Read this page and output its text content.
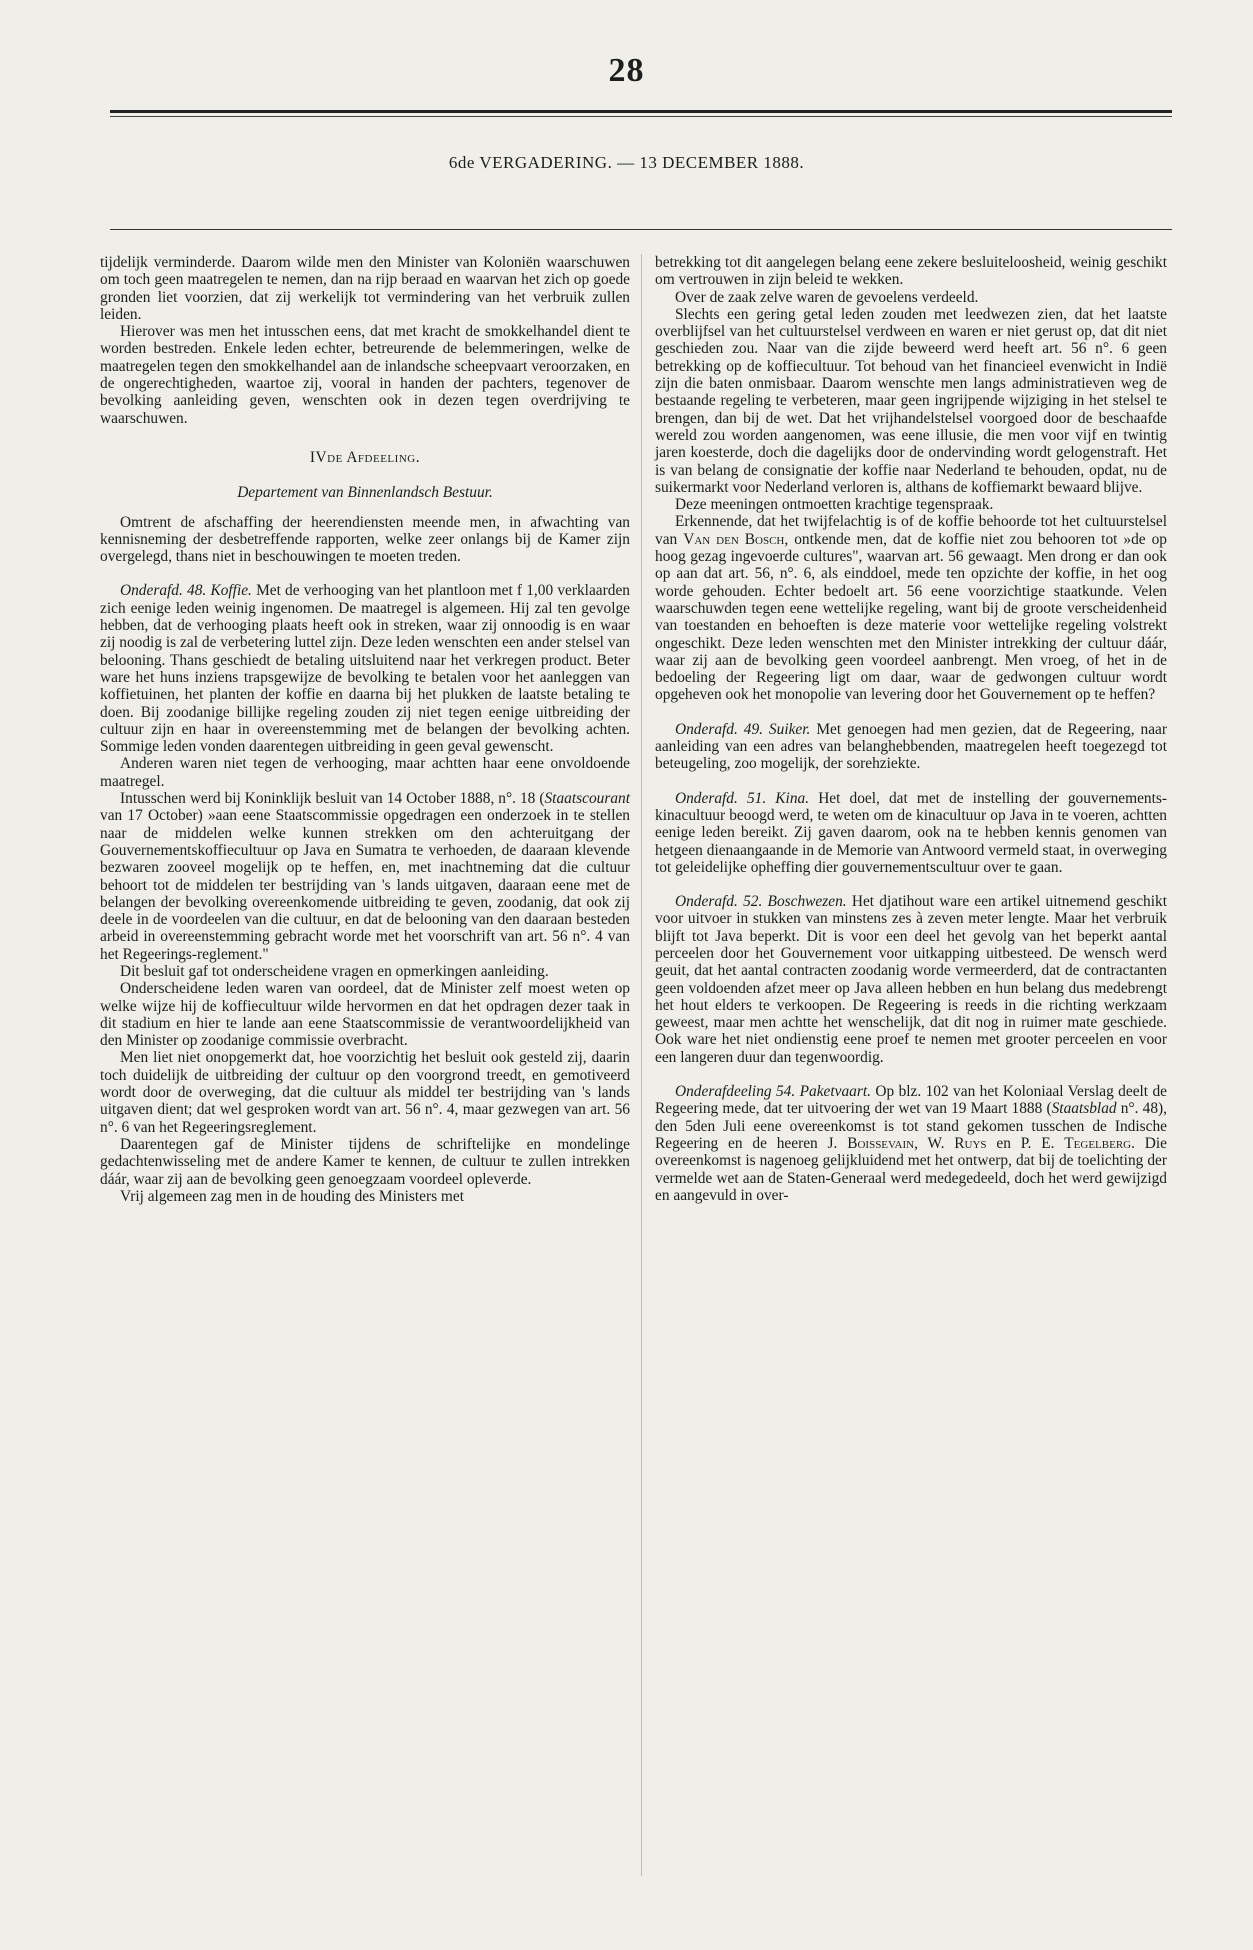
28
6de VERGADERING. — 13 DECEMBER 1888.

tijdelijk verminderde. Daarom wilde men den Minister van Koloniën waarschuwen om toch geen maatregelen te nemen, dan na rijp beraad en waarvan het zich op goede gronden liet voorzien, dat zij werkelijk tot vermindering van het verbruik zullen leiden.

Hierover was men het intusschen eens, dat met kracht de smokkelhandel dient te worden bestreden. Enkele leden echter, betreurende de belemmeringen, welke de maatregelen tegen den smokkelhandel aan de inlandsche scheepvaart veroorzaken, en de ongerechtigheden, waartoe zij, vooral in handen der pachters, tegenover de bevolking aanleiding geven, wenschten ook in dezen tegen overdrijving te waarschuwen.

IVde Afdeeling.

Departement van Binnenlandsch Bestuur.

Omtrent de afschaffing der heerendiensten meende men, in afwachting van kennisneming der desbetreffende rapporten, welke zeer onlangs bij de Kamer zijn overgelegd, thans niet in beschouwingen te moeten treden.

Onderafd. 48. Koffie. Met de verhooging van het plantloon met f 1,00 verklaarden zich eenige leden weinig ingenomen. De maatregel is algemeen. Hij zal ten gevolge hebben, dat de verhooging plaats heeft ook in streken, waar zij onnoodig is en waar zij noodig is zal de verbetering luttel zijn. Deze leden wenschten een ander stelsel van belooning. Thans geschiedt de betaling uitsluitend naar het verkregen product. Beter ware het huns inziens trapsgewijze de bevolking te betalen voor het aanleggen van koffietuinen, het planten der koffie en daarna bij het plukken de laatste betaling te doen. Bij zoodanige billijke regeling zouden zij niet tegen eenige uitbreiding der cultuur zijn en haar in overeenstemming met de belangen der bevolking achten. Sommige leden vonden daarentegen uitbreiding in geen geval gewenscht.

Anderen waren niet tegen de verhooging, maar achtten haar eene onvoldoende maatregel.

Intusschen werd bij Koninklijk besluit van 14 October 1888, n°. 18 (Staatscourant van 17 October) »aan eene Staatscommissie opgedragen een onderzoek in te stellen naar de middelen welke kunnen strekken om den achteruitgang der Gouvernementskoffiecultuur op Java en Sumatra te verhoeden, de daaraan klevende bezwaren zooveel mogelijk op te heffen, en, met inachtneming dat die cultuur behoort tot de middelen ter bestrijding van 's lands uitgaven, daaraan eene met de belangen der bevolking overeenkomende uitbreiding te geven, zoodanig, dat ook zij deele in de voordeelen van die cultuur, en dat de belooning van den daaraan besteden arbeid in overeenstemming gebracht worde met het voorschrift van art. 56 n°. 4 van het Regeerings-reglement."

Dit besluit gaf tot onderscheidene vragen en opmerkingen aanleiding.

Onderscheidene leden waren van oordeel, dat de Minister zelf moest weten op welke wijze hij de koffiecultuur wilde hervormen en dat het opdragen dezer taak in dit stadium en hier te lande aan eene Staatscommissie de verantwoordelijkheid van den Minister op zoodanige commissie overbracht.

Men liet niet onopgemerkt dat, hoe voorzichtig het besluit ook gesteld zij, daarin toch duidelijk de uitbreiding der cultuur op den voorgrond treedt, en gemotiveerd wordt door de overweging, dat die cultuur als middel ter bestrijding van 's lands uitgaven dient; dat wel gesproken wordt van art. 56 n°. 4, maar gezwegen van art. 56 n°. 6 van het Regeeringsreglement.

Daarentegen gaf de Minister tijdens de schriftelijke en mondelinge gedachtenwisseling met de andere Kamer te kennen, de cultuur te zullen intrekken dáár, waar zij aan de bevolking geen genoegzaam voordeel opleverde.

Vrij algemeen zag men in de houding des Ministers met

betrekking tot dit aangelegen belang eene zekere besluiteloosheid, weinig geschikt om vertrouwen in zijn beleid te wekken.

Over de zaak zelve waren de gevoelens verdeeld.

Slechts een gering getal leden zouden met leedwezen zien, dat het laatste overblijfsel van het cultuurstelsel verdween en waren er niet gerust op, dat dit niet geschieden zou. Naar van die zijde beweerd werd heeft art. 56 n°. 6 geen betrekking op de koffiecultuur. Tot behoud van het financieel evenwicht in Indië zijn die baten onmisbaar. Daarom wenschte men langs administratieven weg de bestaande regeling te verbeteren, maar geen ingrijpende wijziging in het stelsel te brengen, dan bij de wet. Dat het vrijhandelstelsel voorgoed door de beschaafde wereld zou worden aangenomen, was eene illusie, die men voor vijf en twintig jaren koesterde, doch die dagelijks door de ondervinding wordt gelogenstraft. Het is van belang de consignatie der koffie naar Nederland te behouden, opdat, nu de suikermarkt voor Nederland verloren is, althans de koffiemarkt bewaard blijve.

Deze meeningen ontmoetten krachtige tegenspraak.

Erkennende, dat het twijfelachtig is of de koffie behoorde tot het cultuurstelsel van Van den Bosch, ontkende men, dat de koffie niet zou behooren tot »de op hoog gezag ingevoerde cultures", waarvan art. 56 gewaagt. Men drong er dan ook op aan dat art. 56, n°. 6, als einddoel, mede ten opzichte der koffie, in het oog worde gehouden. Echter bedoelt art. 56 eene voorzichtige staatkunde. Velen waarschuwden tegen eene wettelijke regeling, want bij de groote verscheidenheid van toestanden en behoeften is deze materie voor wettelijke regeling volstrekt ongeschikt. Deze leden wenschten met den Minister intrekking der cultuur dáár, waar zij aan de bevolking geen voordeel aanbrengt. Men vroeg, of het in de bedoeling der Regeering ligt om daar, waar de gedwongen cultuur wordt opgeheven ook het monopolie van levering door het Gouvernement op te heffen?

Onderafd. 49. Suiker. Met genoegen had men gezien, dat de Regeering, naar aanleiding van een adres van belanghebbenden, maatregelen heeft toegezegd tot beteugeling, zoo mogelijk, der sorehziekte.

Onderafd. 51. Kina. Het doel, dat met de instelling der gouvernements-kinacultuur beoogd werd, te weten om de kinacultuur op Java in te voeren, achtten eenige leden bereikt. Zij gaven daarom, ook na te hebben kennis genomen van hetgeen dienaangaande in de Memorie van Antwoord vermeld staat, in overweging tot geleidelijke opheffing dier gouvernementscultuur over te gaan.

Onderafd. 52. Boschwezen. Het djatihout ware een artikel uitnemend geschikt voor uitvoer in stukken van minstens zes à zeven meter lengte. Maar het verbruik blijft tot Java beperkt. Dit is voor een deel het gevolg van het beperkt aantal perceelen door het Gouvernement voor uitkapping uitbesteed. De wensch werd geuit, dat het aantal contracten zoodanig worde vermeerderd, dat de contractanten geen voldoenden afzet meer op Java alleen hebben en hun belang dus medebrengt het hout elders te verkoopen. De Regeering is reeds in die richting werkzaam geweest, maar men achtte het wenschelijk, dat dit nog in ruimer mate geschiede. Ook ware het niet ondienstig eene proef te nemen met grooter perceelen en voor een langeren duur dan tegenwoordig.

Onderafdeeling 54. Paketvaart. Op blz. 102 van het Koloniaal Verslag deelt de Regeering mede, dat ter uitvoering der wet van 19 Maart 1888 (Staatsblad n°. 48), den 5den Juli eene overeenkomst is tot stand gekomen tusschen de Indische Regeering en de heeren J. Boissevain, W. Ruys en P. E. Tegelberg. Die overeenkomst is nagenoeg gelijkluidend met het ontwerp, dat bij de toelichting der vermelde wet aan de Staten-Generaal werd medegedeeld, doch het werd gewijzigd en aangevuld in over-
